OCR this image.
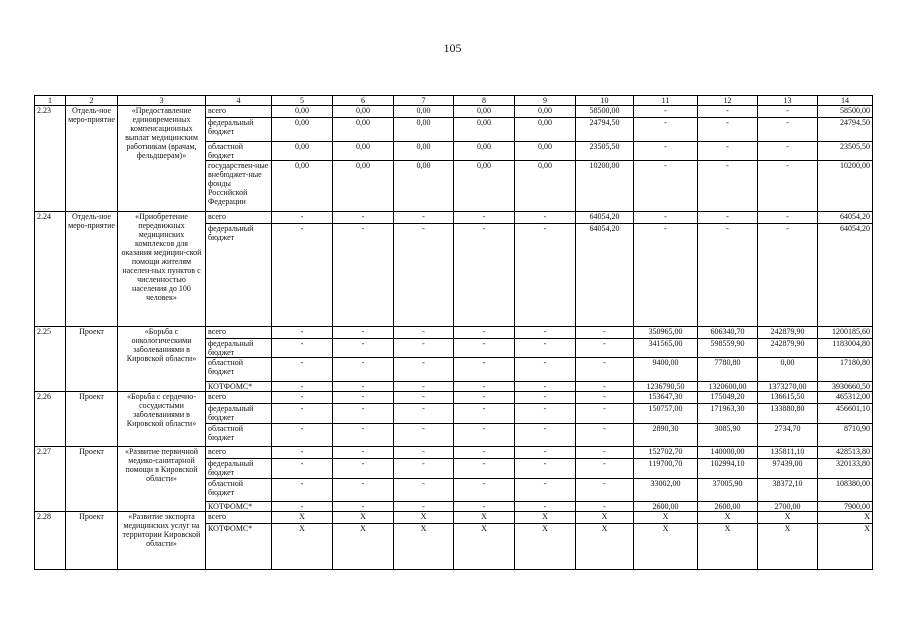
105
1	2	3	4	5	6	7	8	9	10	11	12	13	14
2.23	Отдель-ное меро-приятие	«Предоставление единовременных компенсационных выплат медицинским работникам (врачам, фельдшерам)»	всего	0,00	0,00	0,00	0,00	0,00	58500,00	-	-	-	58500,00
			федеральный бюджет	0,00	0,00	0,00	0,00	0,00	24794,50	-	-	-	24794,50
			областной бюджет	0,00	0,00	0,00	0,00	0,00	23505,50	-	-	-	23505,50
			государствен-ные внебюджет-ные фонды Российской Федерации	0,00	0,00	0,00	0,00	0,00	10200,00	-	-	-	10200,00
2.24	Отдель-ное меро-приятие	«Приобретение передвижных медицинских комплексов для оказания медицин-ской помощи жителям населен-ных пунктов с численностью населения до 100 человек»	всего	-	-	-	-	-	64054,20	-	-	-	64054,20
			федеральный бюджет	-	-	-	-	-	64054,20	-	-	-	64054,20
2.25	Проект	«Борьба с онкологическими заболеваниями в Кировской области»	всего	-	-	-	-	-	-	350965,00	606340,70	242879,90	1200185,60
			федеральный бюджет	-	-	-	-	-	-	341565,00	598559,90	242879,90	1183004,80
			областной бюджет	-	-	-	-	-	-	9400,00	7780,80	0,00	17180,80
			КОТФОМС*	-	-	-	-	-	-	1236790,50	1320600,00	1373270,00	3930660,50
2.26	Проект	«Борьба с сердечно-сосудистыми заболеваниями в Кировской области»	всего	-	-	-	-	-	-	153647,30	175049,20	136615,50	465312,00
			федеральный бюджет	-	-	-	-	-	-	150757,00	171963,30	133880,80	456601,10
			областной бюджет	-	-	-	-	-	-	2890,30	3085,90	2734,70	8710,90
2.27	Проект	«Развитие первичной медико-санитарной помощи в Кировской области»	всего	-	-	-	-	-	-	152702,70	140000,00	135811,10	428513,80
			федеральный бюджет	-	-	-	-	-	-	119700,70	102994,10	97439,00	320133,80
			областной бюджет	-	-	-	-	-	-	33002,00	37005,90	38372,10	108380,00
			КОТФОМС*	-	-	-	-	-	-	2600,00	2600,00	2700,00	7900,00
2.28	Проект	«Развитие экспорта медицинских услуг на территории Кировской области»	всего	X	X	X	X	X	X	X	X	X	X
			КОТФОМС*	X	X	X	X	X	X	X	X	X	X
